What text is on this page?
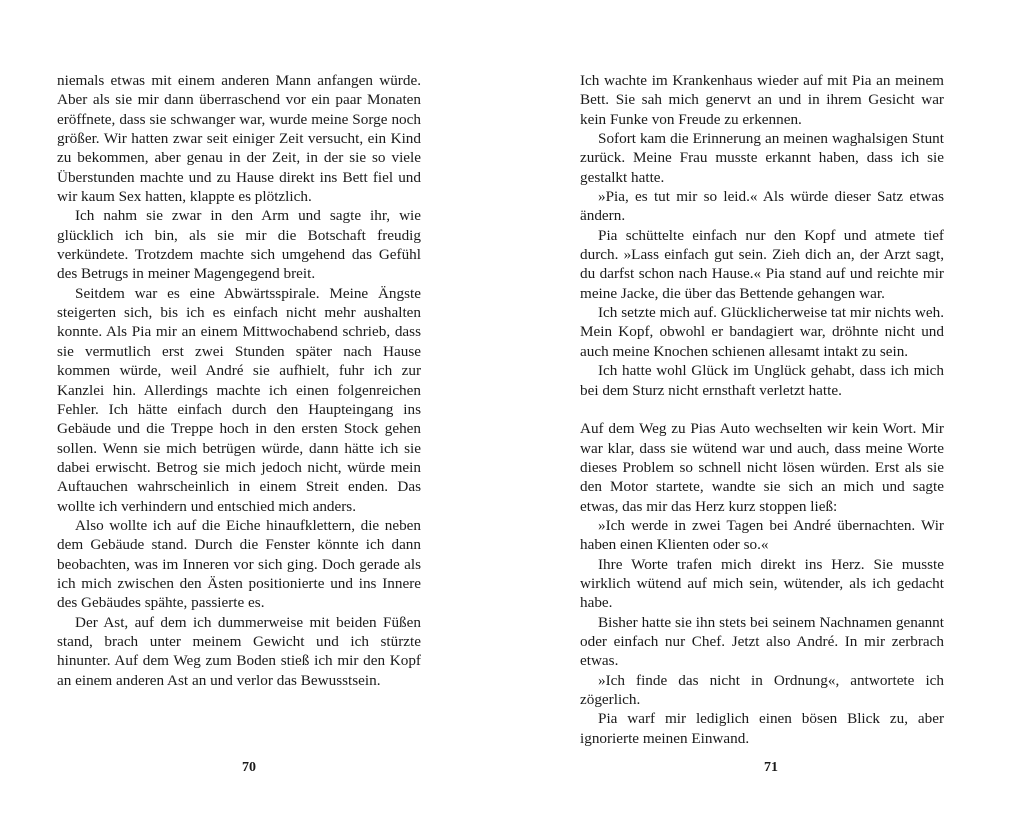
niemals etwas mit einem anderen Mann anfangen würde. Aber als sie mir dann überraschend vor ein paar Monaten eröffnete, dass sie schwanger war, wurde meine Sorge noch größer. Wir hatten zwar seit einiger Zeit versucht, ein Kind zu bekommen, aber genau in der Zeit, in der sie so viele Überstunden machte und zu Hause direkt ins Bett fiel und wir kaum Sex hatten, klappte es plötzlich.

Ich nahm sie zwar in den Arm und sagte ihr, wie glücklich ich bin, als sie mir die Botschaft freudig verkündete. Trotzdem machte sich umgehend das Gefühl des Betrugs in meiner Magengegend breit.

Seitdem war es eine Abwärtsspirale. Meine Ängste steigerten sich, bis ich es einfach nicht mehr aushalten konnte. Als Pia mir an einem Mittwochabend schrieb, dass sie vermutlich erst zwei Stunden später nach Hause kommen würde, weil André sie aufhielt, fuhr ich zur Kanzlei hin. Allerdings machte ich einen folgenreichen Fehler. Ich hätte einfach durch den Haupteingang ins Gebäude und die Treppe hoch in den ersten Stock gehen sollen. Wenn sie mich betrügen würde, dann hätte ich sie dabei erwischt. Betrog sie mich jedoch nicht, würde mein Auftauchen wahrscheinlich in einem Streit enden. Das wollte ich verhindern und entschied mich anders.

Also wollte ich auf die Eiche hinaufklettern, die neben dem Gebäude stand. Durch die Fenster könnte ich dann beobachten, was im Inneren vor sich ging. Doch gerade als ich mich zwischen den Ästen positionierte und ins Innere des Gebäudes spähte, passierte es.

Der Ast, auf dem ich dummerweise mit beiden Füßen stand, brach unter meinem Gewicht und ich stürzte hinunter. Auf dem Weg zum Boden stieß ich mir den Kopf an einem anderen Ast an und verlor das Bewusstsein.

Ich wachte im Krankenhaus wieder auf mit Pia an meinem Bett. Sie sah mich genervt an und in ihrem Gesicht war kein Funke von Freude zu erkennen.

Sofort kam die Erinnerung an meinen waghalsigen Stunt zurück. Meine Frau musste erkannt haben, dass ich sie gestalkt hatte.

»Pia, es tut mir so leid.« Als würde dieser Satz etwas ändern.

Pia schüttelte einfach nur den Kopf und atmete tief durch. »Lass einfach gut sein. Zieh dich an, der Arzt sagt, du darfst schon nach Hause.« Pia stand auf und reichte mir meine Jacke, die über das Bettende gehangen war.

Ich setzte mich auf. Glücklicherweise tat mir nichts weh. Mein Kopf, obwohl er bandagiert war, dröhnte nicht und auch meine Knochen schienen allesamt intakt zu sein.

Ich hatte wohl Glück im Unglück gehabt, dass ich mich bei dem Sturz nicht ernsthaft verletzt hatte.

Auf dem Weg zu Pias Auto wechselten wir kein Wort. Mir war klar, dass sie wütend war und auch, dass meine Worte dieses Problem so schnell nicht lösen würden. Erst als sie den Motor startete, wandte sie sich an mich und sagte etwas, das mir das Herz kurz stoppen ließ:

»Ich werde in zwei Tagen bei André übernachten. Wir haben einen Klienten oder so.«

Ihre Worte trafen mich direkt ins Herz. Sie musste wirklich wütend auf mich sein, wütender, als ich gedacht habe.

Bisher hatte sie ihn stets bei seinem Nachnamen genannt oder einfach nur Chef. Jetzt also André. In mir zerbrach etwas.

»Ich finde das nicht in Ordnung«, antwortete ich zögerlich.

Pia warf mir lediglich einen bösen Blick zu, aber ignorierte meinen Einwand.

70	71
